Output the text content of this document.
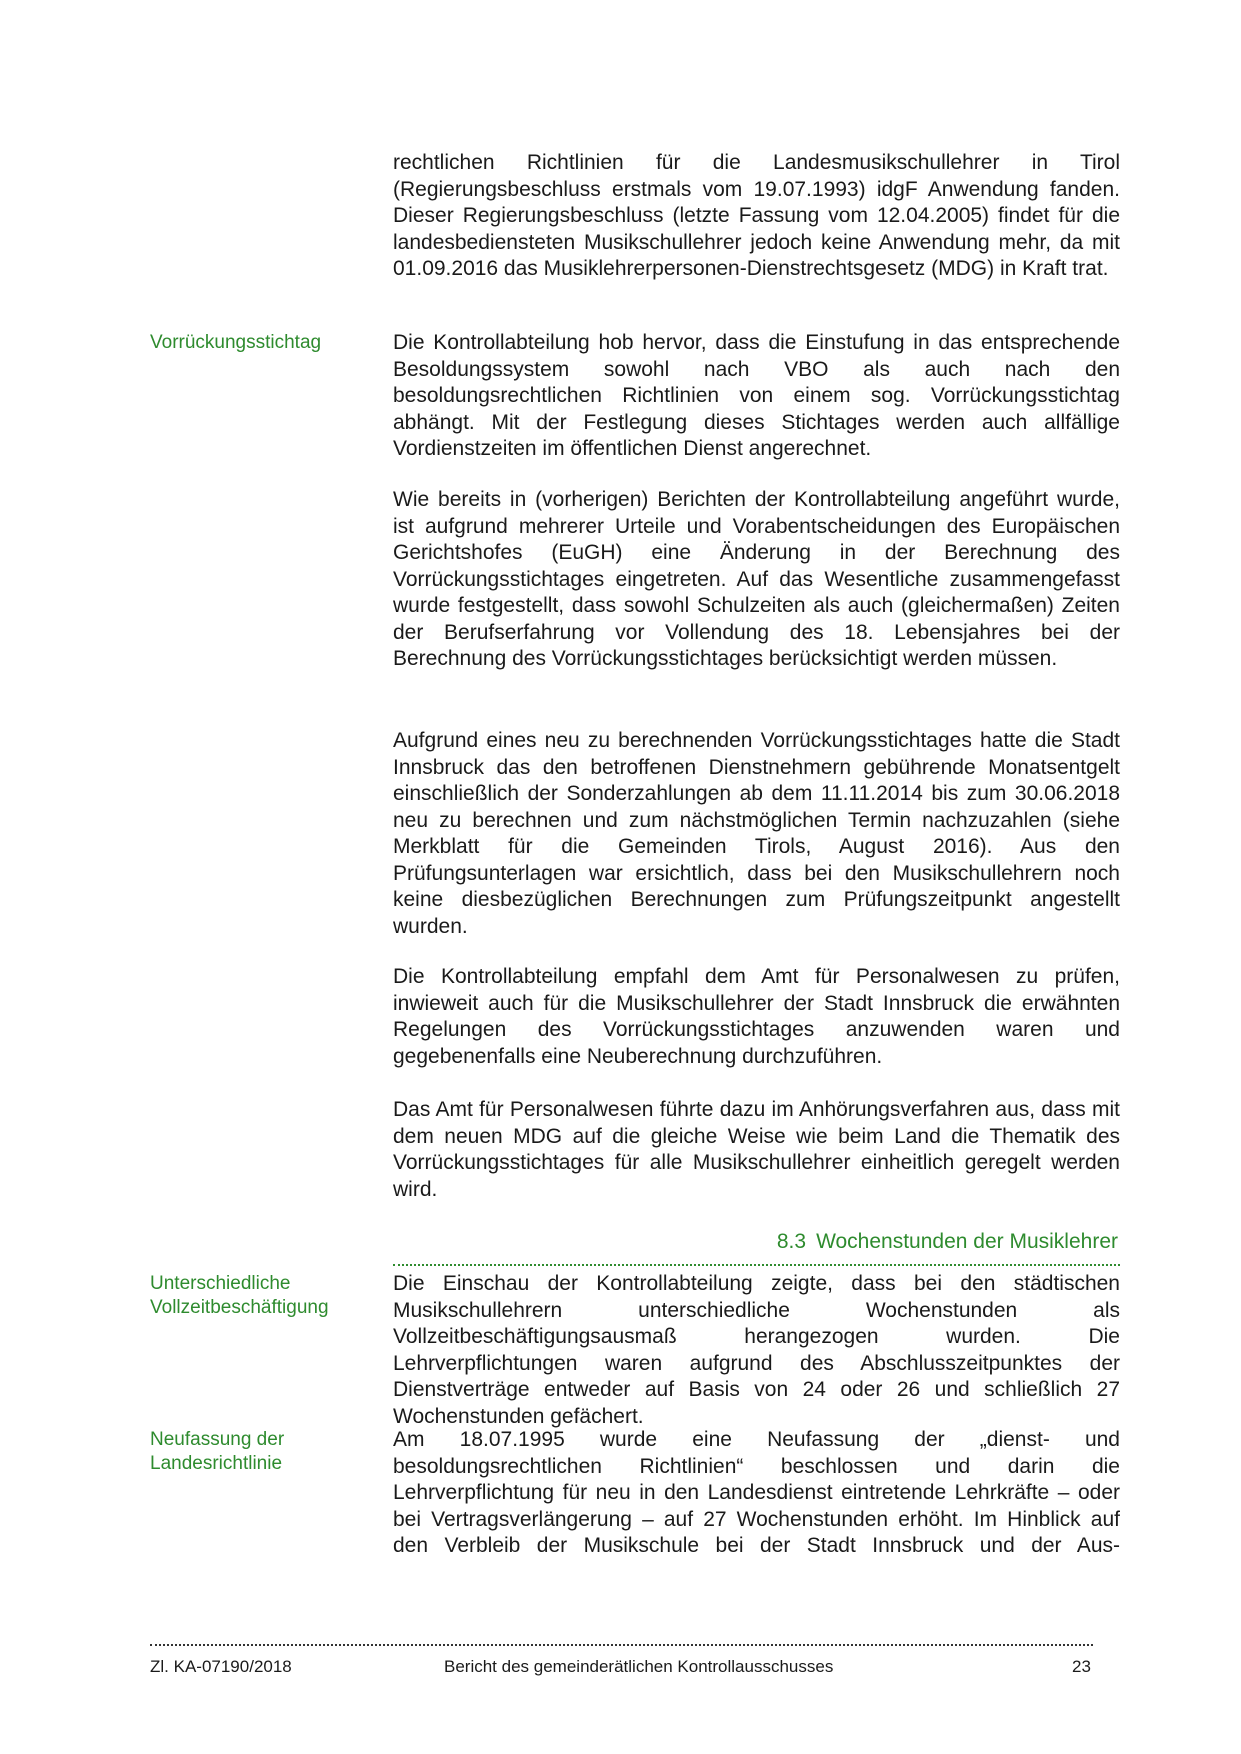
rechtlichen Richtlinien für die Landesmusikschullehrer in Tirol (Regierungsbeschluss erstmals vom 19.07.1993) idgF Anwendung fanden. Dieser Regierungsbeschluss (letzte Fassung vom 12.04.2005) findet für die landesbediensteten Musikschullehrer jedoch keine Anwendung mehr, da mit 01.09.2016 das Musiklehrerpersonen-Dienstrechtsgesetz (MDG) in Kraft trat.

Vorrückungsstichtag	Die Kontrollabteilung hob hervor, dass die Einstufung in das entsprechende Besoldungssystem sowohl nach VBO als auch nach den besoldungsrechtlichen Richtlinien von einem sog. Vorrückungsstichtag abhängt. Mit der Festlegung dieses Stichtages werden auch allfällige Vordienstzeiten im öffentlichen Dienst angerechnet.

Wie bereits in (vorherigen) Berichten der Kontrollabteilung angeführt wurde, ist aufgrund mehrerer Urteile und Vorabentscheidungen des Europäischen Gerichtshofes (EuGH) eine Änderung in der Berechnung des Vorrückungsstichtages eingetreten. Auf das Wesentliche zusammengefasst wurde festgestellt, dass sowohl Schulzeiten als auch (gleichermaßen) Zeiten der Berufserfahrung vor Vollendung des 18. Lebensjahres bei der Berechnung des Vorrückungsstichtages berücksichtigt werden müssen.

Aufgrund eines neu zu berechnenden Vorrückungsstichtages hatte die Stadt Innsbruck das den betroffenen Dienstnehmern gebührende Monatsentgelt einschließlich der Sonderzahlungen ab dem 11.11.2014 bis zum 30.06.2018 neu zu berechnen und zum nächstmöglichen Termin nachzuzahlen (siehe Merkblatt für die Gemeinden Tirols, August 2016). Aus den Prüfungsunterlagen war ersichtlich, dass bei den Musikschullehrern noch keine diesbezüglichen Berechnungen zum Prüfungszeitpunkt angestellt wurden.

Die Kontrollabteilung empfahl dem Amt für Personalwesen zu prüfen, inwieweit auch für die Musikschullehrer der Stadt Innsbruck die erwähnten Regelungen des Vorrückungsstichtages anzuwenden waren und gegebenenfalls eine Neuberechnung durchzuführen.

Das Amt für Personalwesen führte dazu im Anhörungsverfahren aus, dass mit dem neuen MDG auf die gleiche Weise wie beim Land die Thematik des Vorrückungsstichtages für alle Musikschullehrer einheitlich geregelt werden wird.

8.3 Wochenstunden der Musiklehrer

Unterschiedliche Vollzeitbeschäftigung

Die Einschau der Kontrollabteilung zeigte, dass bei den städtischen Musikschullehrern unterschiedliche Wochenstunden als Vollzeitbeschäftigungsausmaß herangezogen wurden. Die Lehrverpflichtungen waren aufgrund des Abschlusszeitpunktes der Dienstverträge entweder auf Basis von 24 oder 26 und schließlich 27 Wochenstunden gefächert.

Neufassung der Landesrichtlinie

Am 18.07.1995 wurde eine Neufassung der „dienst- und besoldungsrechtlichen Richtlinien“ beschlossen und darin die Lehrverpflichtung für neu in den Landesdienst eintretende Lehrkräfte – oder bei Vertragsverlängerung – auf 27 Wochenstunden erhöht. Im Hinblick auf den Verbleib der Musikschule bei der Stadt Innsbruck und der Aus-

Zl. KA-07190/2018	Bericht des gemeinderätlichen Kontrollausschusses	23
